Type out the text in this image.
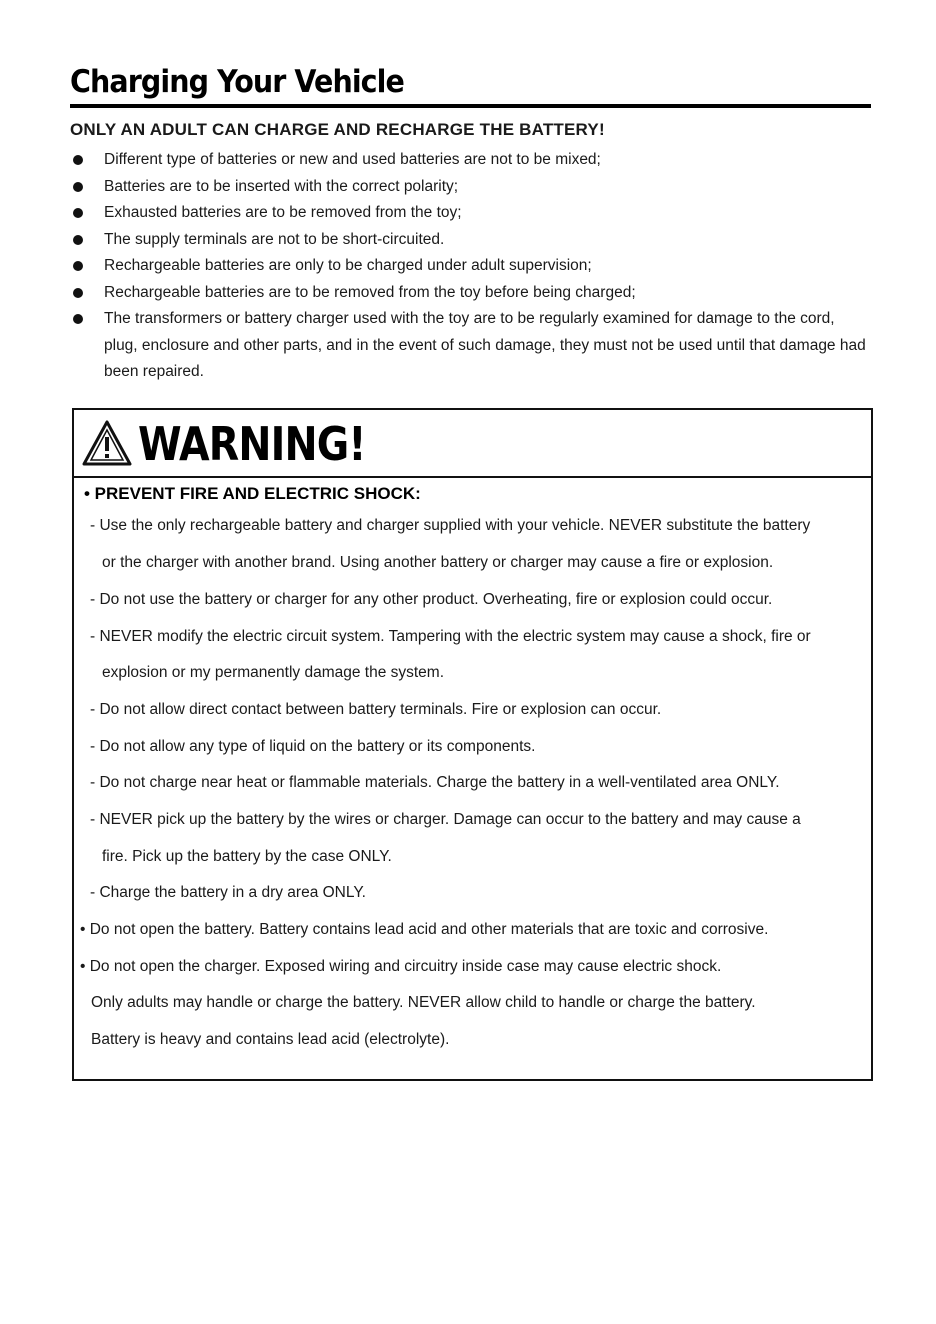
Charging Your Vehicle
ONLY AN ADULT CAN CHARGE AND RECHARGE THE BATTERY!
Different type of batteries or new and used batteries are not to be mixed;
Batteries are to be inserted with the correct polarity;
Exhausted batteries are to be removed from the toy;
The supply terminals are not to be short-circuited.
Rechargeable batteries are only to be charged under adult supervision;
Rechargeable batteries are to be removed from the toy before being charged;
The transformers or battery charger used with the toy are to be regularly examined for damage to the cord, plug, enclosure and other parts, and in the event of such damage, they must not be used until that damage had been repaired.
WARNING!
• PREVENT FIRE AND ELECTRIC SHOCK:
- Use the only rechargeable battery and charger supplied with your vehicle. NEVER substitute the battery
or the charger with another brand. Using another battery or charger may cause a fire or explosion.
- Do not use the battery or charger for any other product. Overheating, fire or explosion could occur.
- NEVER modify the electric circuit system. Tampering with the electric system may cause a shock, fire or
explosion or my permanently damage the system.
- Do not allow direct contact between battery terminals. Fire or explosion can occur.
- Do not allow any type of liquid on the battery or its components.
- Do not charge near heat or flammable materials. Charge the battery in a well-ventilated area ONLY.
- NEVER pick up the battery by the wires or charger. Damage can occur to the battery and may cause a
fire. Pick up the battery by the case ONLY.
- Charge the battery in a dry area ONLY.
• Do not open the battery. Battery contains lead acid and other materials that are toxic and corrosive.
• Do not open the charger. Exposed wiring and circuitry inside case may cause electric shock.
Only adults may handle or charge the battery. NEVER allow child to handle or charge the battery.
Battery is heavy and contains lead acid (electrolyte).
